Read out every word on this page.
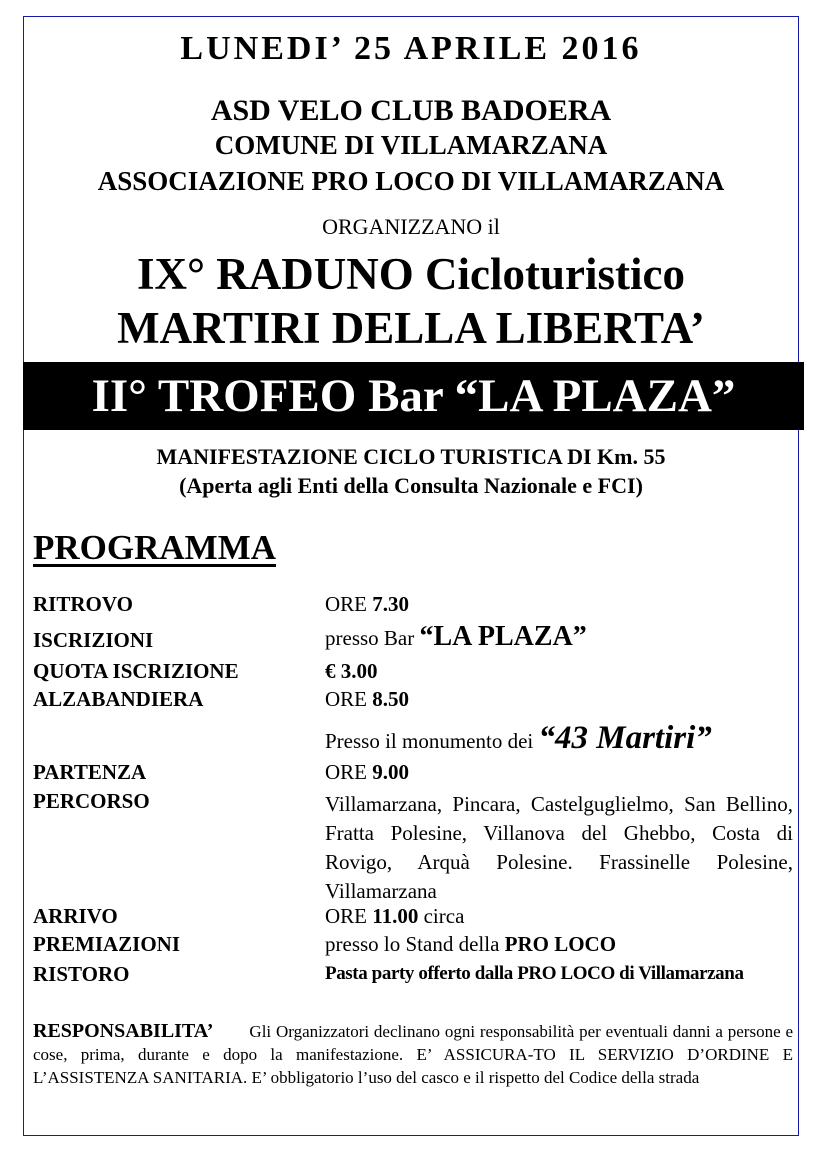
LUNEDI’ 25 APRILE 2016

ASD VELO CLUB BADOERA

COMUNE DI VILLAMARZANA

ASSOCIAZIONE PRO LOCO DI VILLAMARZANA

ORGANIZZANO il

IX° RADUNO Cicloturistico

MARTIRI DELLA LIBERTA’

II° TROFEO Bar “LA PLAZA”

MANIFESTAZIONE CICLO TURISTICA DI Km. 55

(Aperta agli Enti della Consulta Nazionale e FCI)

PROGRAMMA

RITROVO	ORE 7.30

ISCRIZIONI	presso Bar “LA PLAZA”

QUOTA ISCRIZIONE	€ 3.00

ALZABANDIERA	ORE 8.50

Presso il monumento dei “43 Martiri”

PARTENZA	ORE 9.00

PERCORSO	Villamarzana, Pincara, Castelguglielmo, San Bellino, Fratta Polesine, Villanova del Ghebbo, Costa di Rovigo, Arquà Polesine. Frassinelle Polesine, Villamarzana

ARRIVO	ORE 11.00 circa

PREMIAZIONI	presso lo Stand della PRO LOCO

RISTORO	Pasta party offerto dalla PRO LOCO di Villamarzana

RESPONSABILITA’ Gli Organizzatori declinano ogni responsabilità per eventuali danni a persone e cose, prima, durante e dopo la manifestazione. E’ ASSICURA-TO IL SERVIZIO D’ORDINE E L’ASSISTENZA SANITARIA. E’ obbligatorio l’uso del casco e il rispetto del Codice della strada
